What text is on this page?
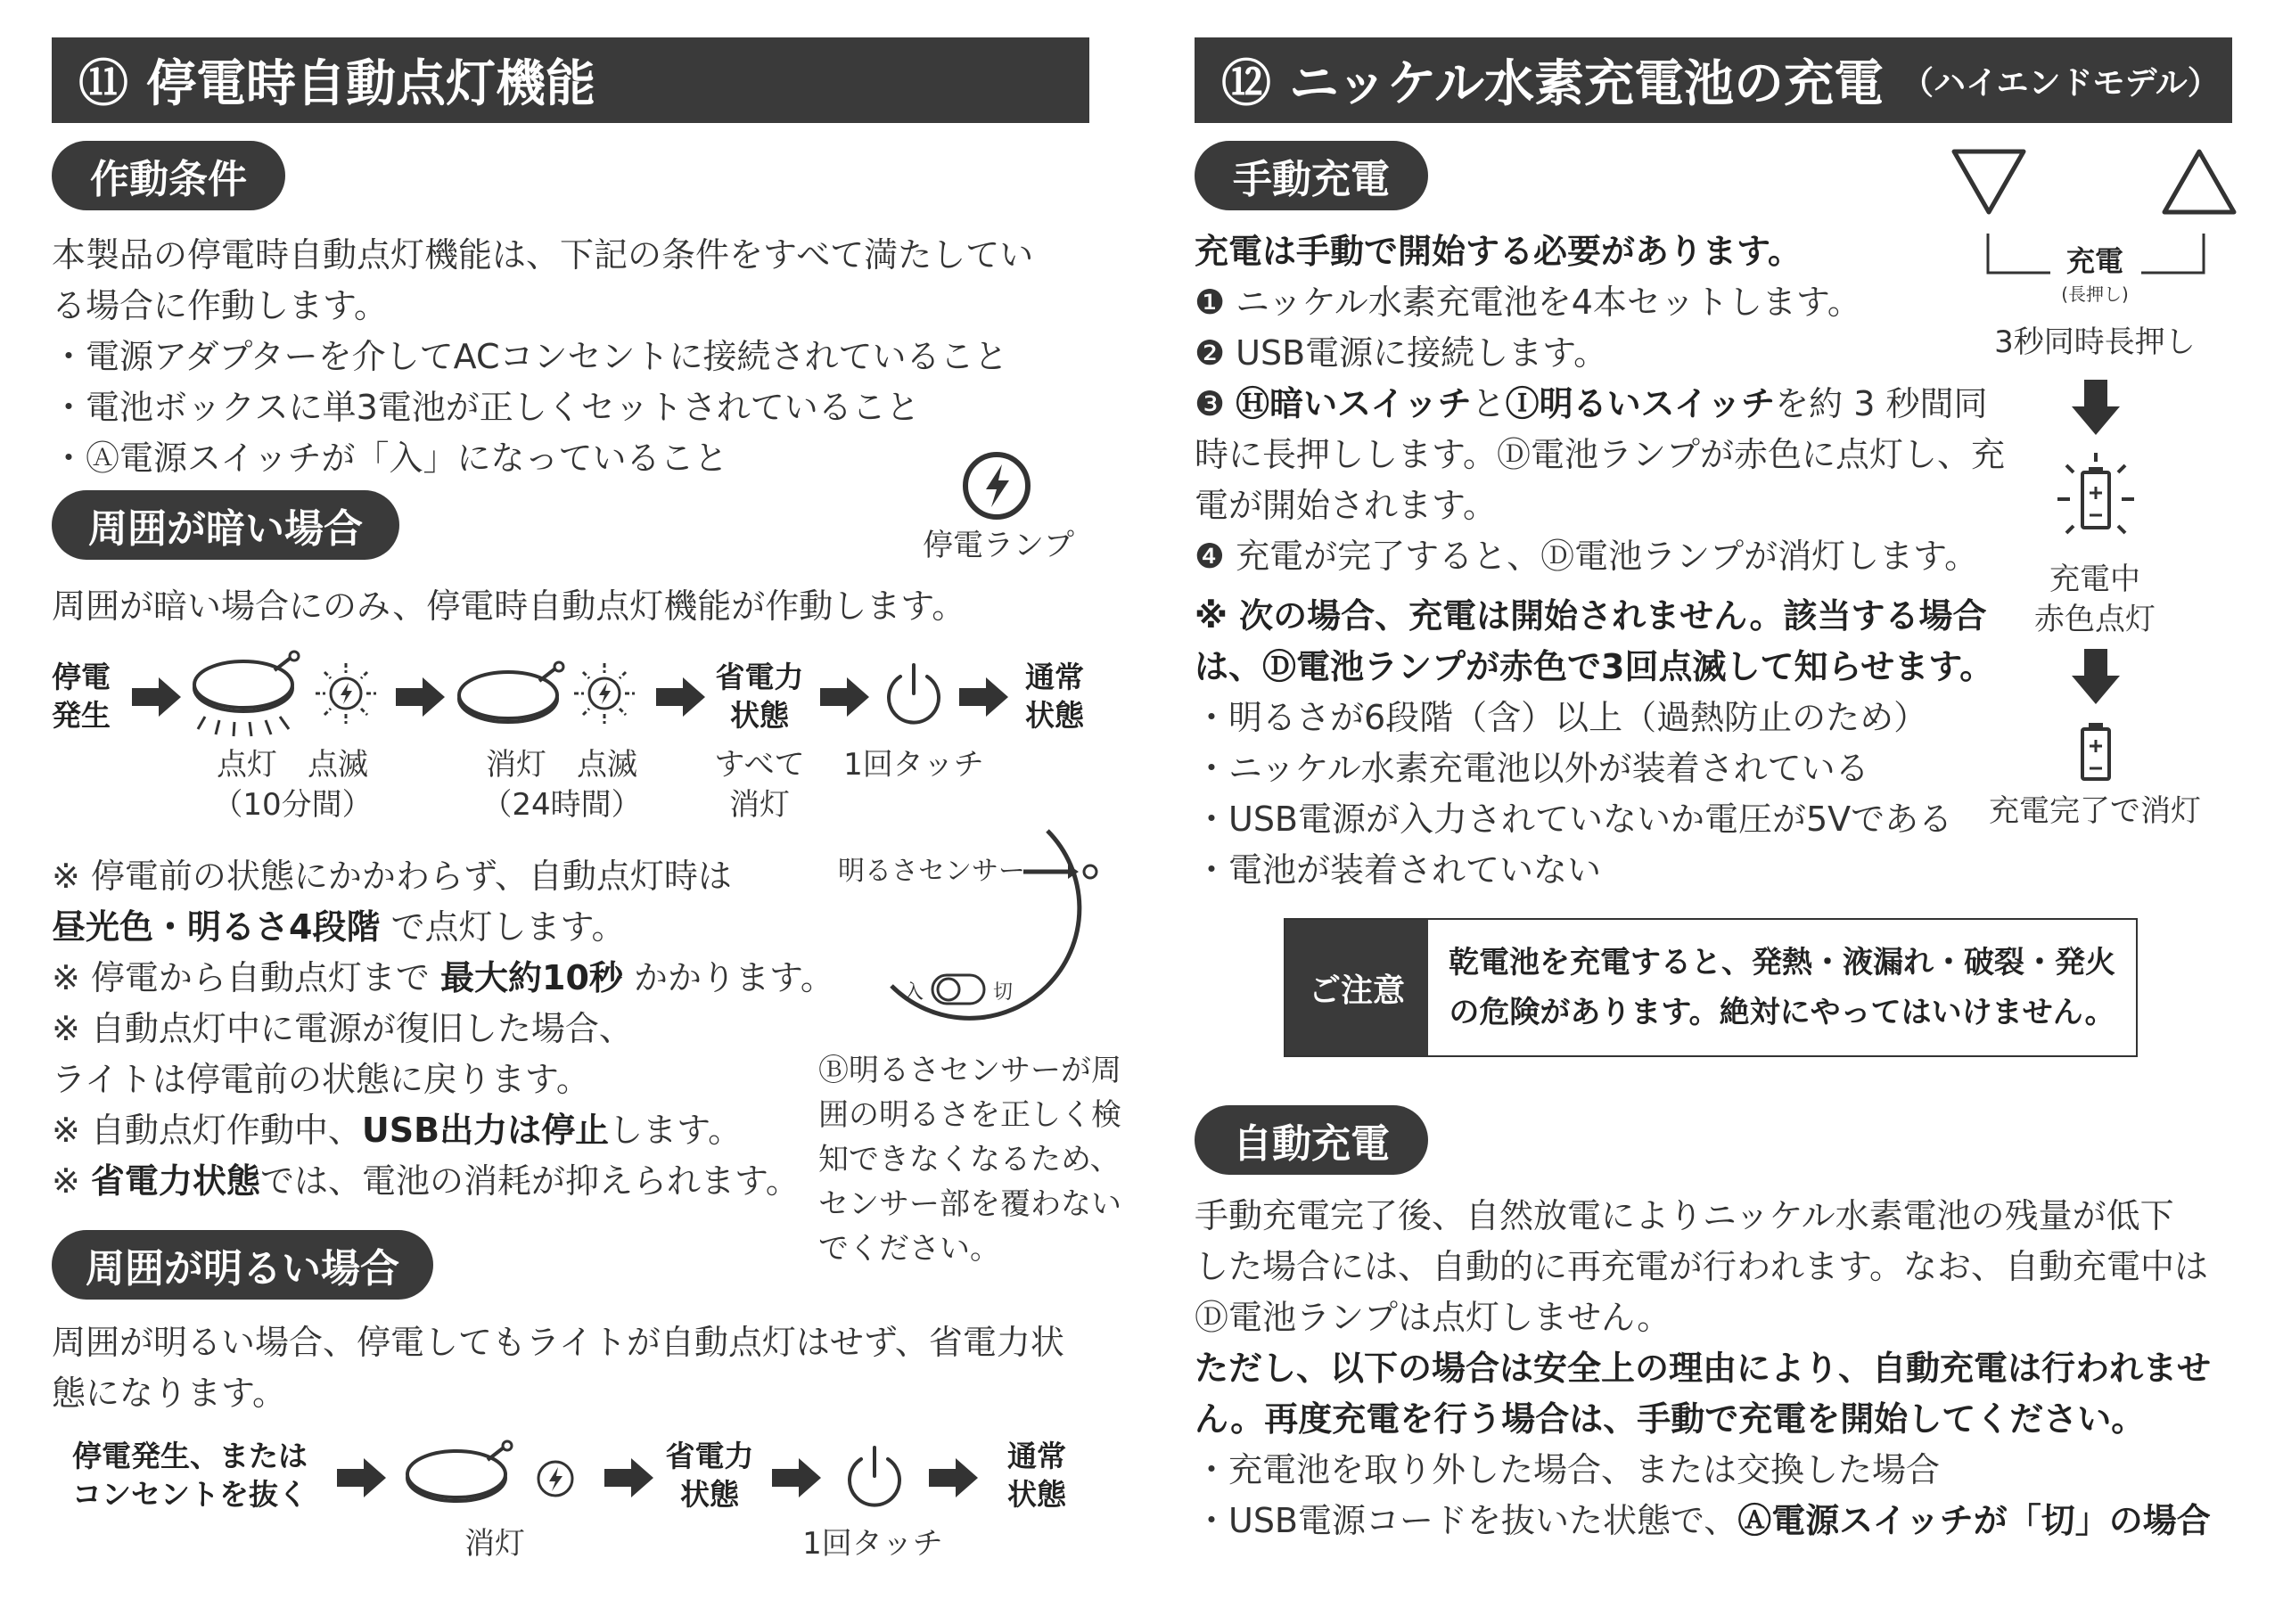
⑪ 停電時自動点灯機能
作動条件
本製品の停電時自動点灯機能は、下記の条件をすべて満たしてい
る場合に作動します。
・電源アダプターを介してACコンセントに接続されていること
・電池ボックスに単3電池が正しくセットされていること
・Ⓐ電源スイッチが「入」になっていること
停電ランプ
周囲が暗い場合
周囲が暗い場合にのみ、停電時自動点灯機能が作動します。
停電
発生
省電力
状態
通常
状態
点灯　点滅
（10分間）
消灯　点滅
（24時間）
すべて
消灯
1回タッチ
※ 停電前の状態にかかわらず、自動点灯時は
昼光色・明るさ4段階 で点灯します。
※ 停電から自動点灯まで 最大約10秒 かかります。
※ 自動点灯中に電源が復旧した場合、
ライトは停電前の状態に戻ります。
※ 自動点灯作動中、USB出力は停止します。
※ 省電力状態では、電池の消耗が抑えられます。
明るさセンサー
入	切
Ⓑ明るさセンサーが周
囲の明るさを正しく検
知できなくなるため、
センサー部を覆わない
でください。
周囲が明るい場合
周囲が明るい場合、停電してもライトが自動点灯はせず、省電力状
態になります。
停電発生、または
コンセントを抜く
省電力
状態
通常
状態
消灯	1回タッチ
⑫ ニッケル水素充電池の充電 （ハイエンドモデル）
手動充電
充電は手動で開始する必要があります。
❶ ニッケル水素充電池を4本セットします。
❷ USB電源に接続します。
❸ Ⓗ暗いスイッチとⒾ明るいスイッチを約 3 秒間同
時に長押しします。Ⓓ電池ランプが赤色に点灯し、充
電が開始されます。
❹ 充電が完了すると、Ⓓ電池ランプが消灯します。
※ 次の場合、充電は開始されません。該当する場合
は、Ⓓ電池ランプが赤色で3回点滅して知らせます。
・明るさが6段階（含）以上（過熱防止のため）
・ニッケル水素充電池以外が装着されている
・USB電源が入力されていないか電圧が5Vである
・電池が装着されていない
充電
(長押し)
3秒同時長押し
充電中
赤色点灯
充電完了で消灯
ご注意
乾電池を充電すると、発熱・液漏れ・破裂・発火
の危険があります。絶対にやってはいけません。
自動充電
手動充電完了後、自然放電によりニッケル水素電池の残量が低下
した場合には、自動的に再充電が行われます。なお、自動充電中は
Ⓓ電池ランプは点灯しません。
ただし、以下の場合は安全上の理由により、自動充電は行われませ
ん。再度充電を行う場合は、手動で充電を開始してください。
・充電池を取り外した場合、または交換した場合
・USB電源コードを抜いた状態で、Ⓐ電源スイッチが「切」の場合
